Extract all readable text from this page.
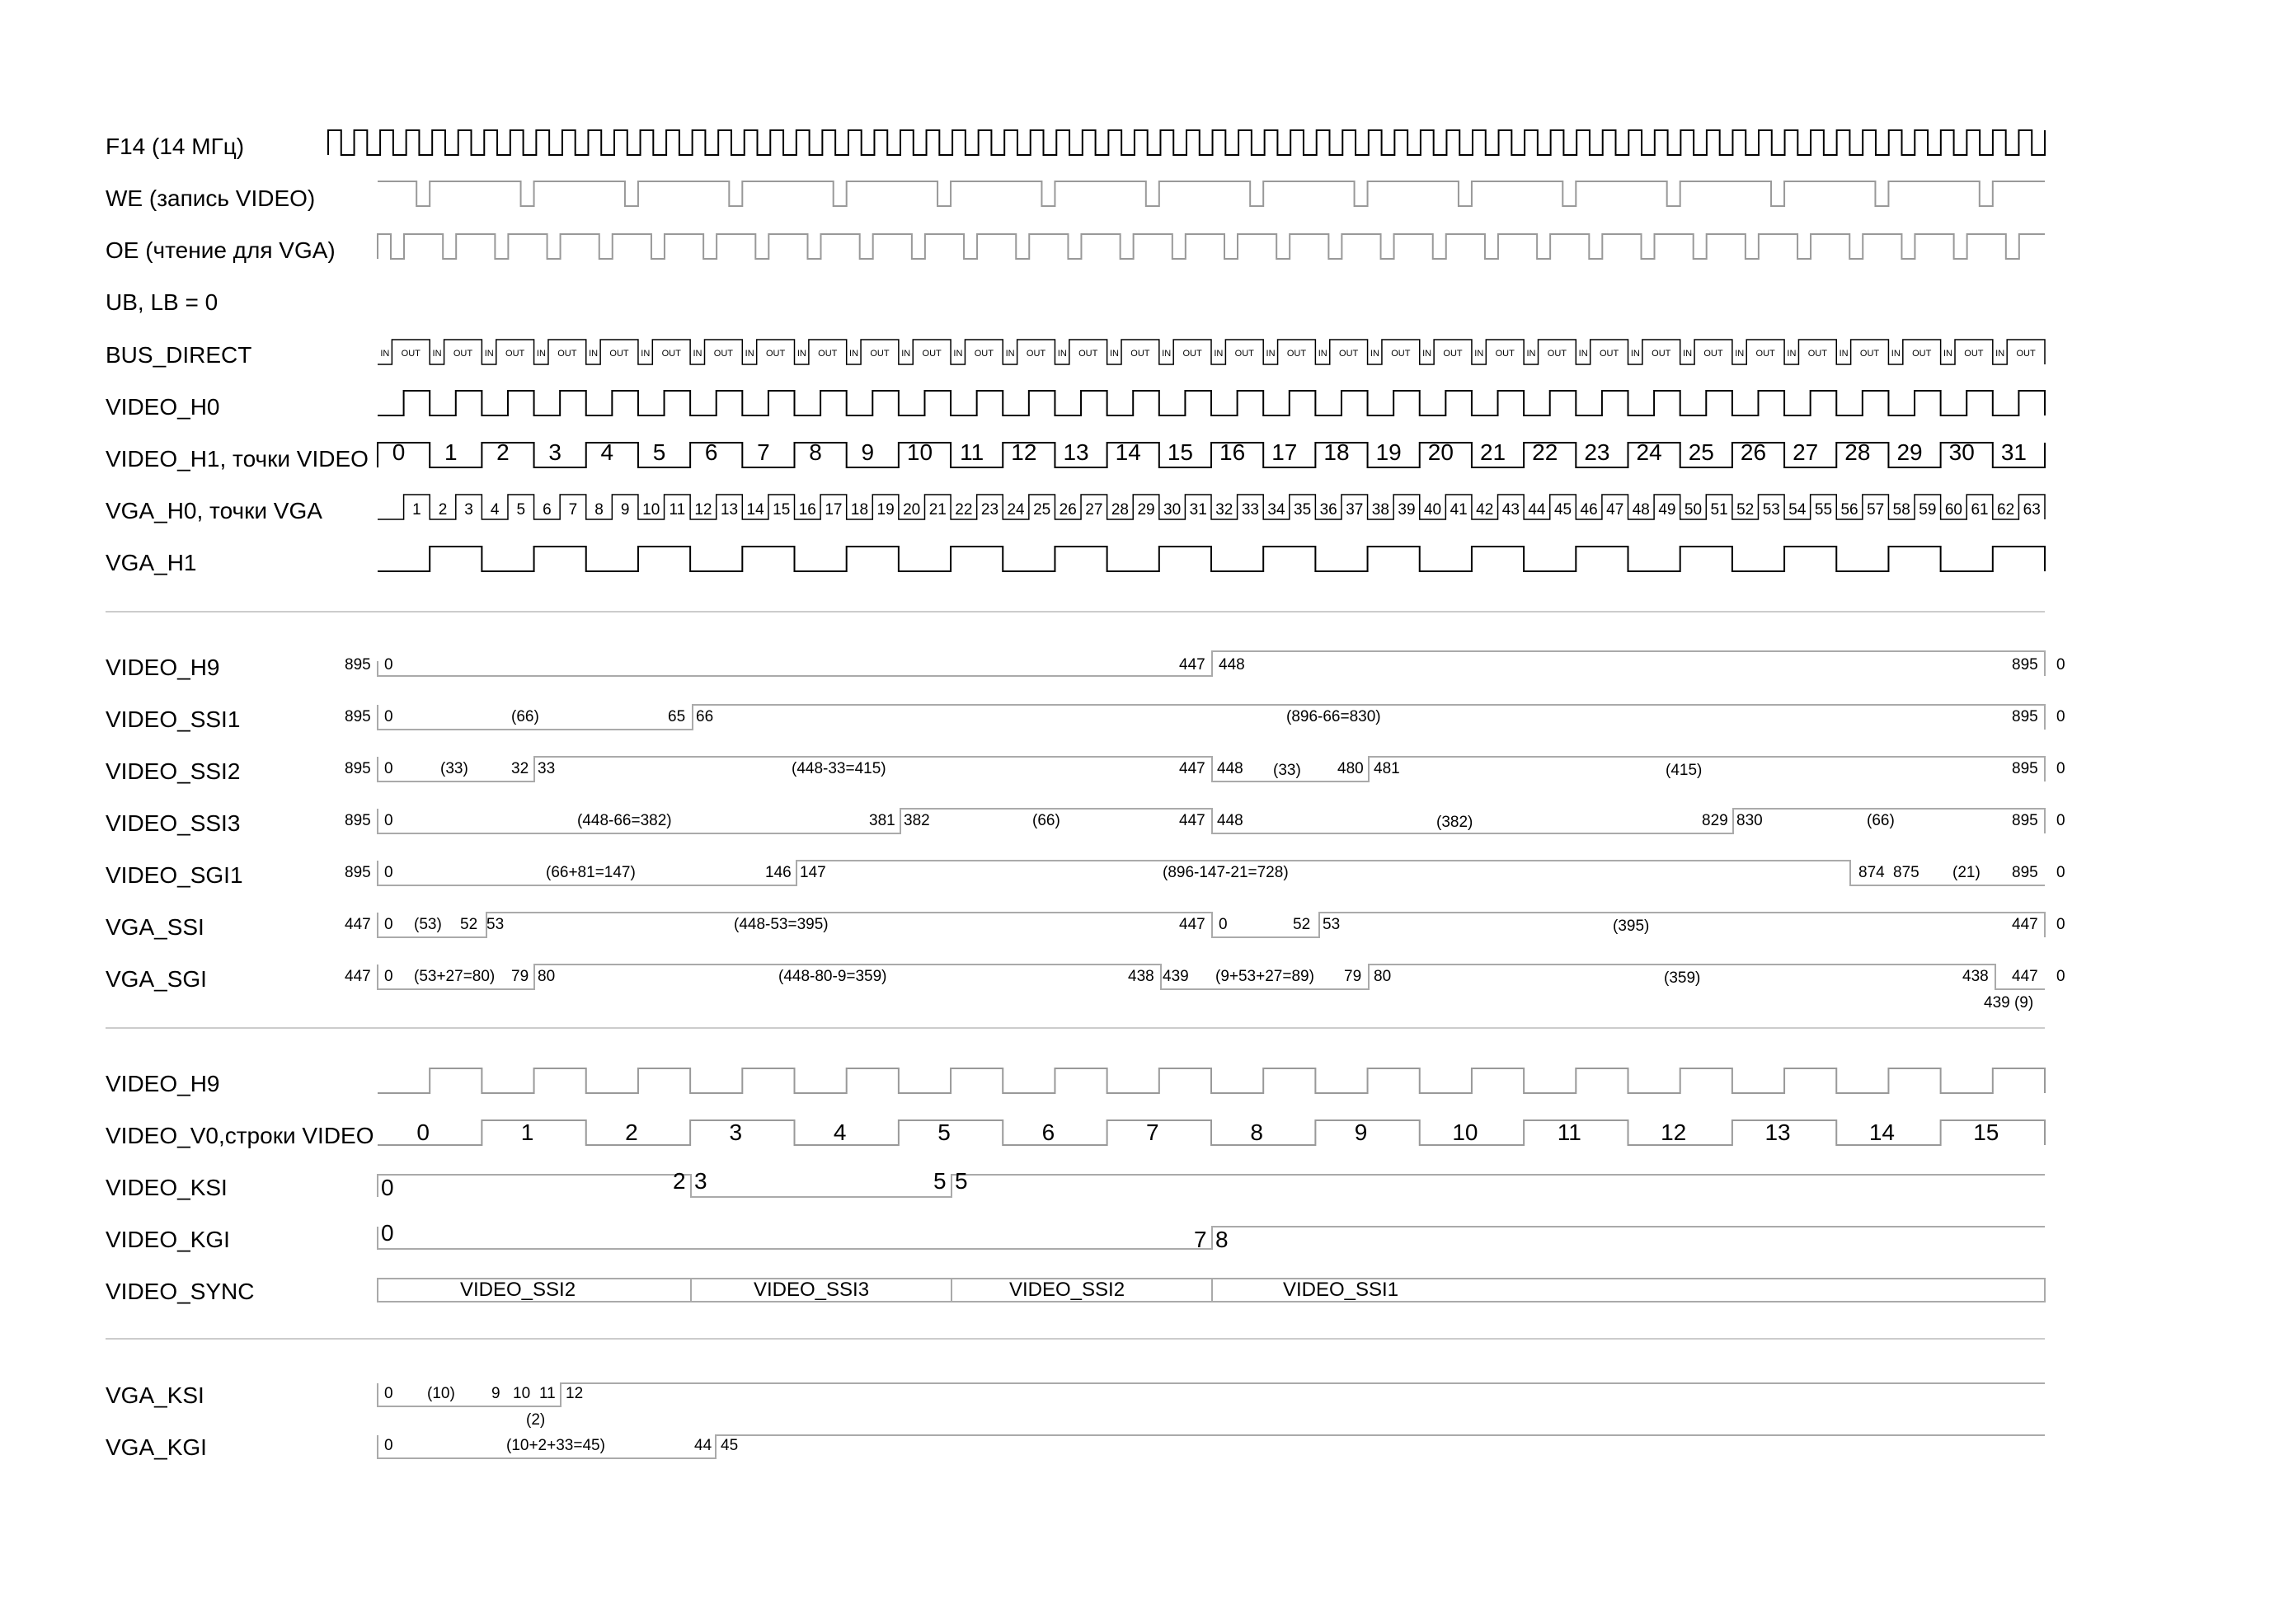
F14 (14 МГц)
WE (запись VIDEO)
OE (чтение для VGA)
UB, LB = 0
BUS_DIRECT
VIDEO_H0
VIDEO_H1, точки VIDEO
VGA_H0, точки VGA
VGA_H1
VIDEO_H9
VIDEO_SSI1
VIDEO_SSI2
VIDEO_SSI3
VIDEO_SGI1
VGA_SSI
VGA_SGI
VIDEO_H9
VIDEO_V0,строки VIDEO
VIDEO_KSI
VIDEO_KGI
VIDEO_SYNC
VGA_KSI
VGA_KGI
IN OUT IN OUT IN OUT IN OUT IN OUT IN OUT IN OUT IN OUT IN OUT IN OUT IN OUT IN OUT IN OUT IN OUT IN OUT IN OUT IN OUT IN OUT IN OUT IN OUT IN OUT IN OUT IN OUT IN OUT IN OUT IN OUT IN OUT IN OUT IN OUT IN OUT IN OUT IN OUT
0 1 2 3 4 5 6 7 8 9 10 11 12 13 14 15 16 17 18 19 20 21 22 23 24 25 26 27 28 29 30 31
1 2 3 4 5 6 7 8 9 10 11 12 13 14 15 16 17 18 19 20 21 22 23 24 25 26 27 28 29 30 31 32 33 34 35 36 37 38 39 40 41 42 43 44 45 46 47 48 49 50 51 52 53 54 55 56 57 58 59 60 61 62 63
0	1	2	3	4	5	6	7	8	9	10	11	12	13	14	15
895 0	447 448	895 0
895 0	(66)	65 66	(896-66=830)	895 0
895 0	(33)	32 33	(448-33=415)	447 448 (33) 480 481	(415)	895 0
895 0	(448-66=382)	381 382	(66)	447 448	(382)	829 830	(66)	895 0
895 0	(66+81=147)	146 147	(896-147-21=728)	874 875 (21) 895 0
447 0 (53) 52 53	(448-53=395)	447 0	52 53	(395)	447 0
447 0 (53+27=80) 79 80	(448-80-9=359)	438 439 (9+53+27=89) 79 80	(359)	438 447 0
439 (9)
0	2 3	5 5
0	7 8
VIDEO_SSI2	VIDEO_SSI3	VIDEO_SSI2	VIDEO_SSI1
0 (10) 9 10 11 12
(2)
0	(10+2+33=45)	44 45
